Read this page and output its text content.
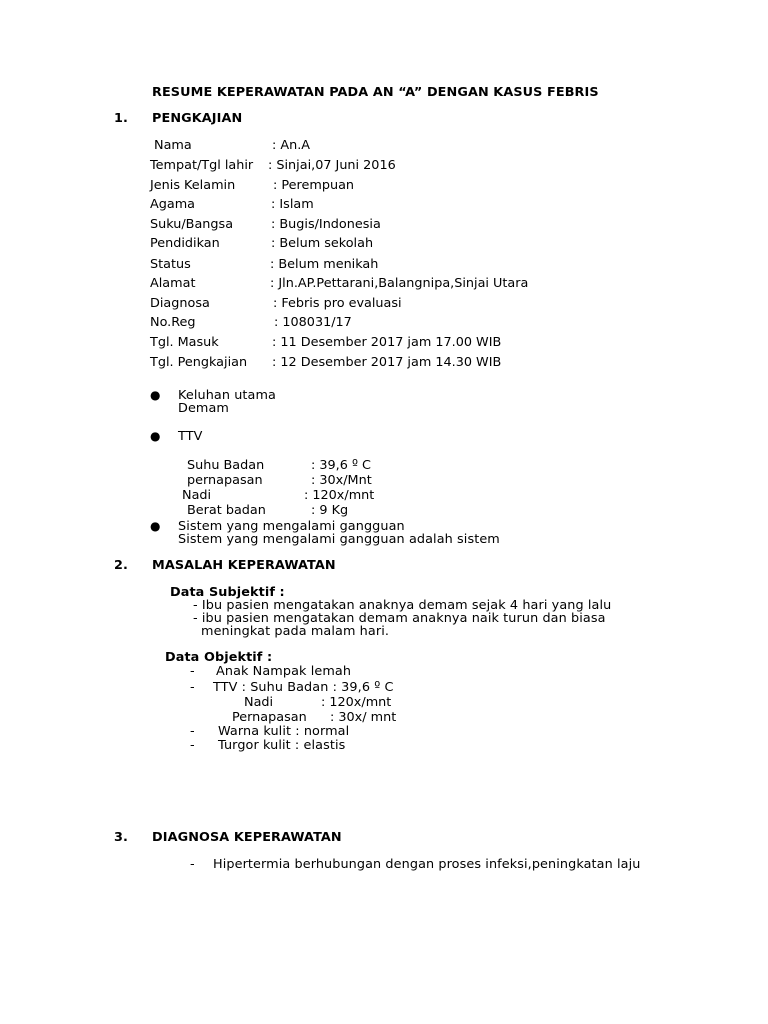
RESUME KEPERAWATAN PADA AN “A” DENGAN KASUS FEBRIS
1. PENGKAJIAN
Nama	: An.A
Tempat/Tgl lahir : Sinjai,07 Juni 2016
Jenis Kelamin	: Perempuan
Agama	: Islam
Suku/Bangsa	: Bugis/Indonesia
Pendidikan	: Belum sekolah
Status	: Belum menikah
Alamat	: Jln.AP.Pettarani,Balangnipa,Sinjai Utara
Diagnosa	: Febris pro evaluasi
No.Reg	: 108031/17
Tgl. Masuk	: 11 Desember 2017 jam 17.00 WIB
Tgl. Pengkajian : 12 Desember 2017 jam 14.30 WIB
● Keluhan utama
Demam
● TTV
Suhu Badan	: 39,6 º C
pernapasan	: 30x/Mnt
Nadi	: 120x/mnt
Berat badan	: 9 Kg
● Sistem yang mengalami gangguan
Sistem yang mengalami gangguan adalah sistem
2. MASALAH KEPERAWATAN
Data Subjektif :
- Ibu pasien mengatakan anaknya demam sejak 4 hari yang lalu
- ibu pasien mengatakan demam anaknya naik turun dan biasa
meningkat pada malam hari.
Data Objektif :
- Anak Nampak lemah
- TTV : Suhu Badan : 39,6 º C
Nadi	: 120x/mnt
Pernapasan : 30x/ mnt
- Warna kulit : normal
- Turgor kulit : elastis
3. DIAGNOSA KEPERAWATAN
- Hipertermia berhubungan dengan proses infeksi,peningkatan laju
